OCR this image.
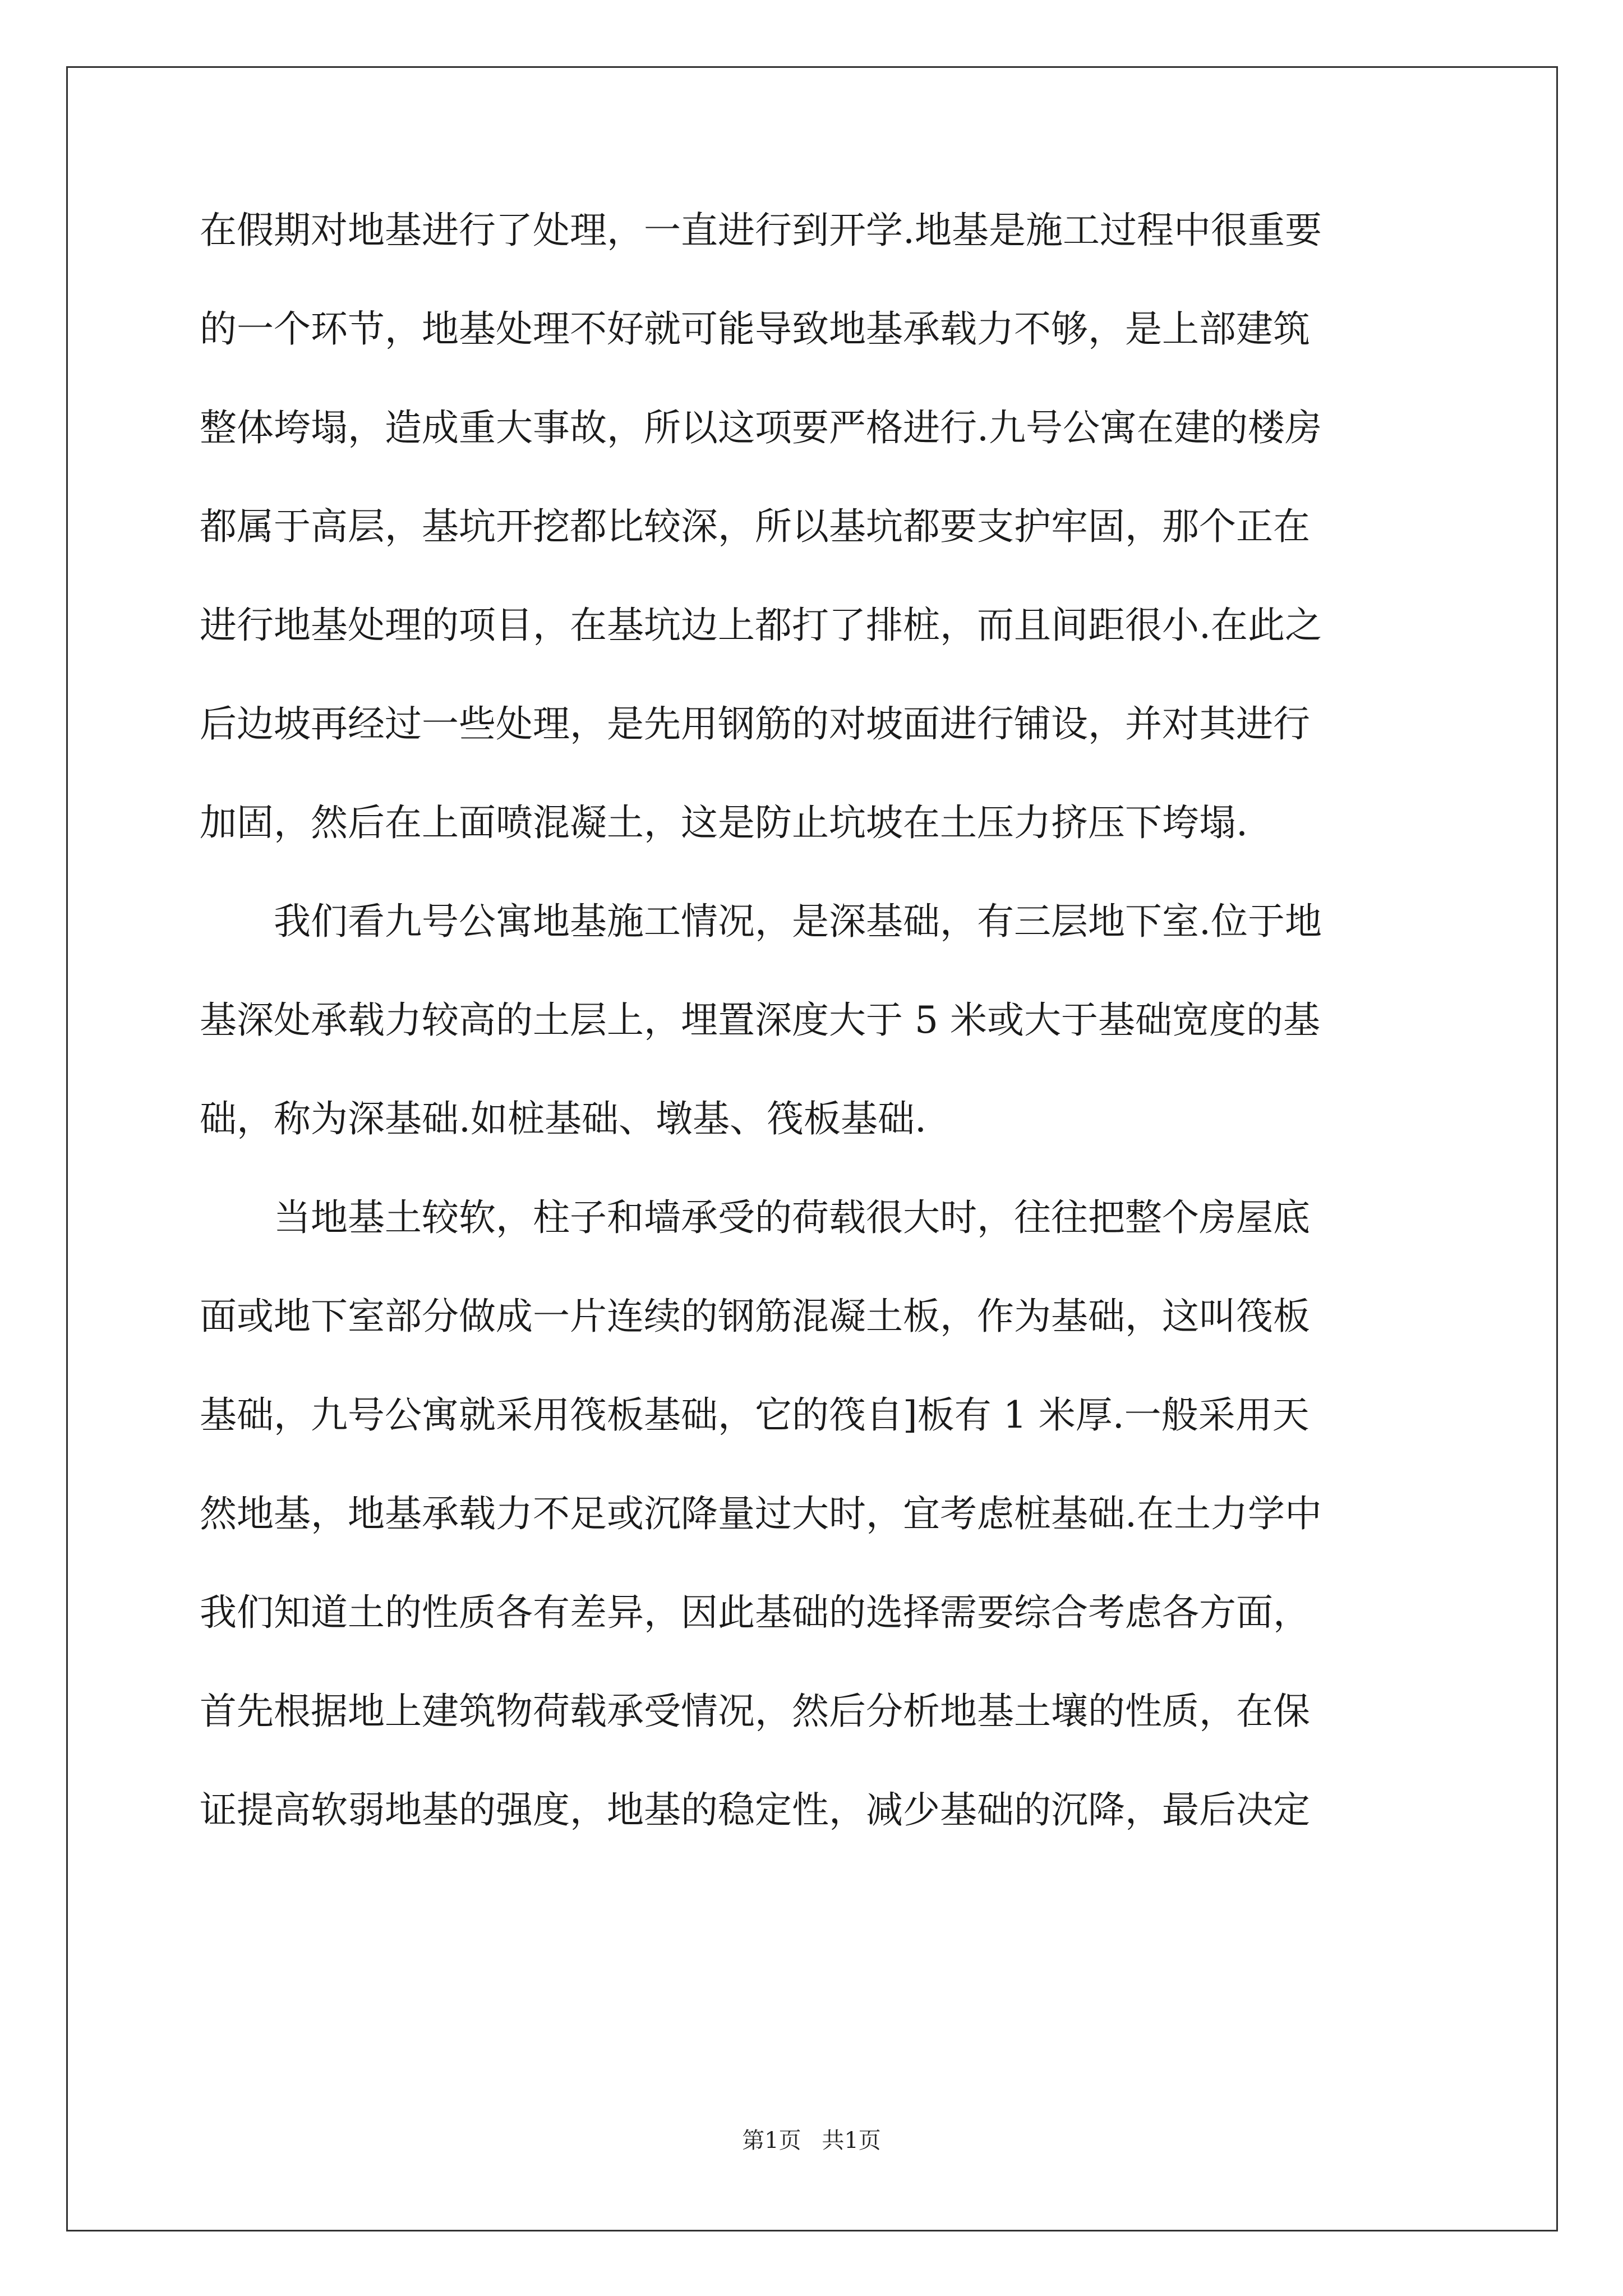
在假期对地基进行了处理，一直进行到开学.地基是施工过程中很重要
的一个环节，地基处理不好就可能导致地基承载力不够，是上部建筑
整体垮塌，造成重大事故，所以这项要严格进行.九号公寓在建的楼房
都属于高层，基坑开挖都比较深，所以基坑都要支护牢固，那个正在
进行地基处理的项目，在基坑边上都打了排桩，而且间距很小.在此之
后边坡再经过一些处理，是先用钢筋的对坡面进行铺设，并对其进行
加固，然后在上面喷混凝土，这是防止坑坡在土压力挤压下垮塌.
我们看九号公寓地基施工情况，是深基础，有三层地下室.位于地
基深处承载力较高的土层上，埋置深度大于 5 米或大于基础宽度的基
础，称为深基础.如桩基础、墩基、筏板基础.
当地基土较软，柱子和墙承受的荷载很大时，往往把整个房屋底
面或地下室部分做成一片连续的钢筋混凝土板，作为基础，这叫筏板
基础，九号公寓就采用筏板基础，它的筏自]板有 1 米厚.一般采用天
然地基，地基承载力不足或沉降量过大时，宜考虑桩基础.在土力学中
我们知道土的性质各有差异，因此基础的选择需要综合考虑各方面，
首先根据地上建筑物荷载承受情况，然后分析地基土壤的性质，在保
证提高软弱地基的强度，地基的稳定性，减少基础的沉降，最后决定
第1页 共1页
